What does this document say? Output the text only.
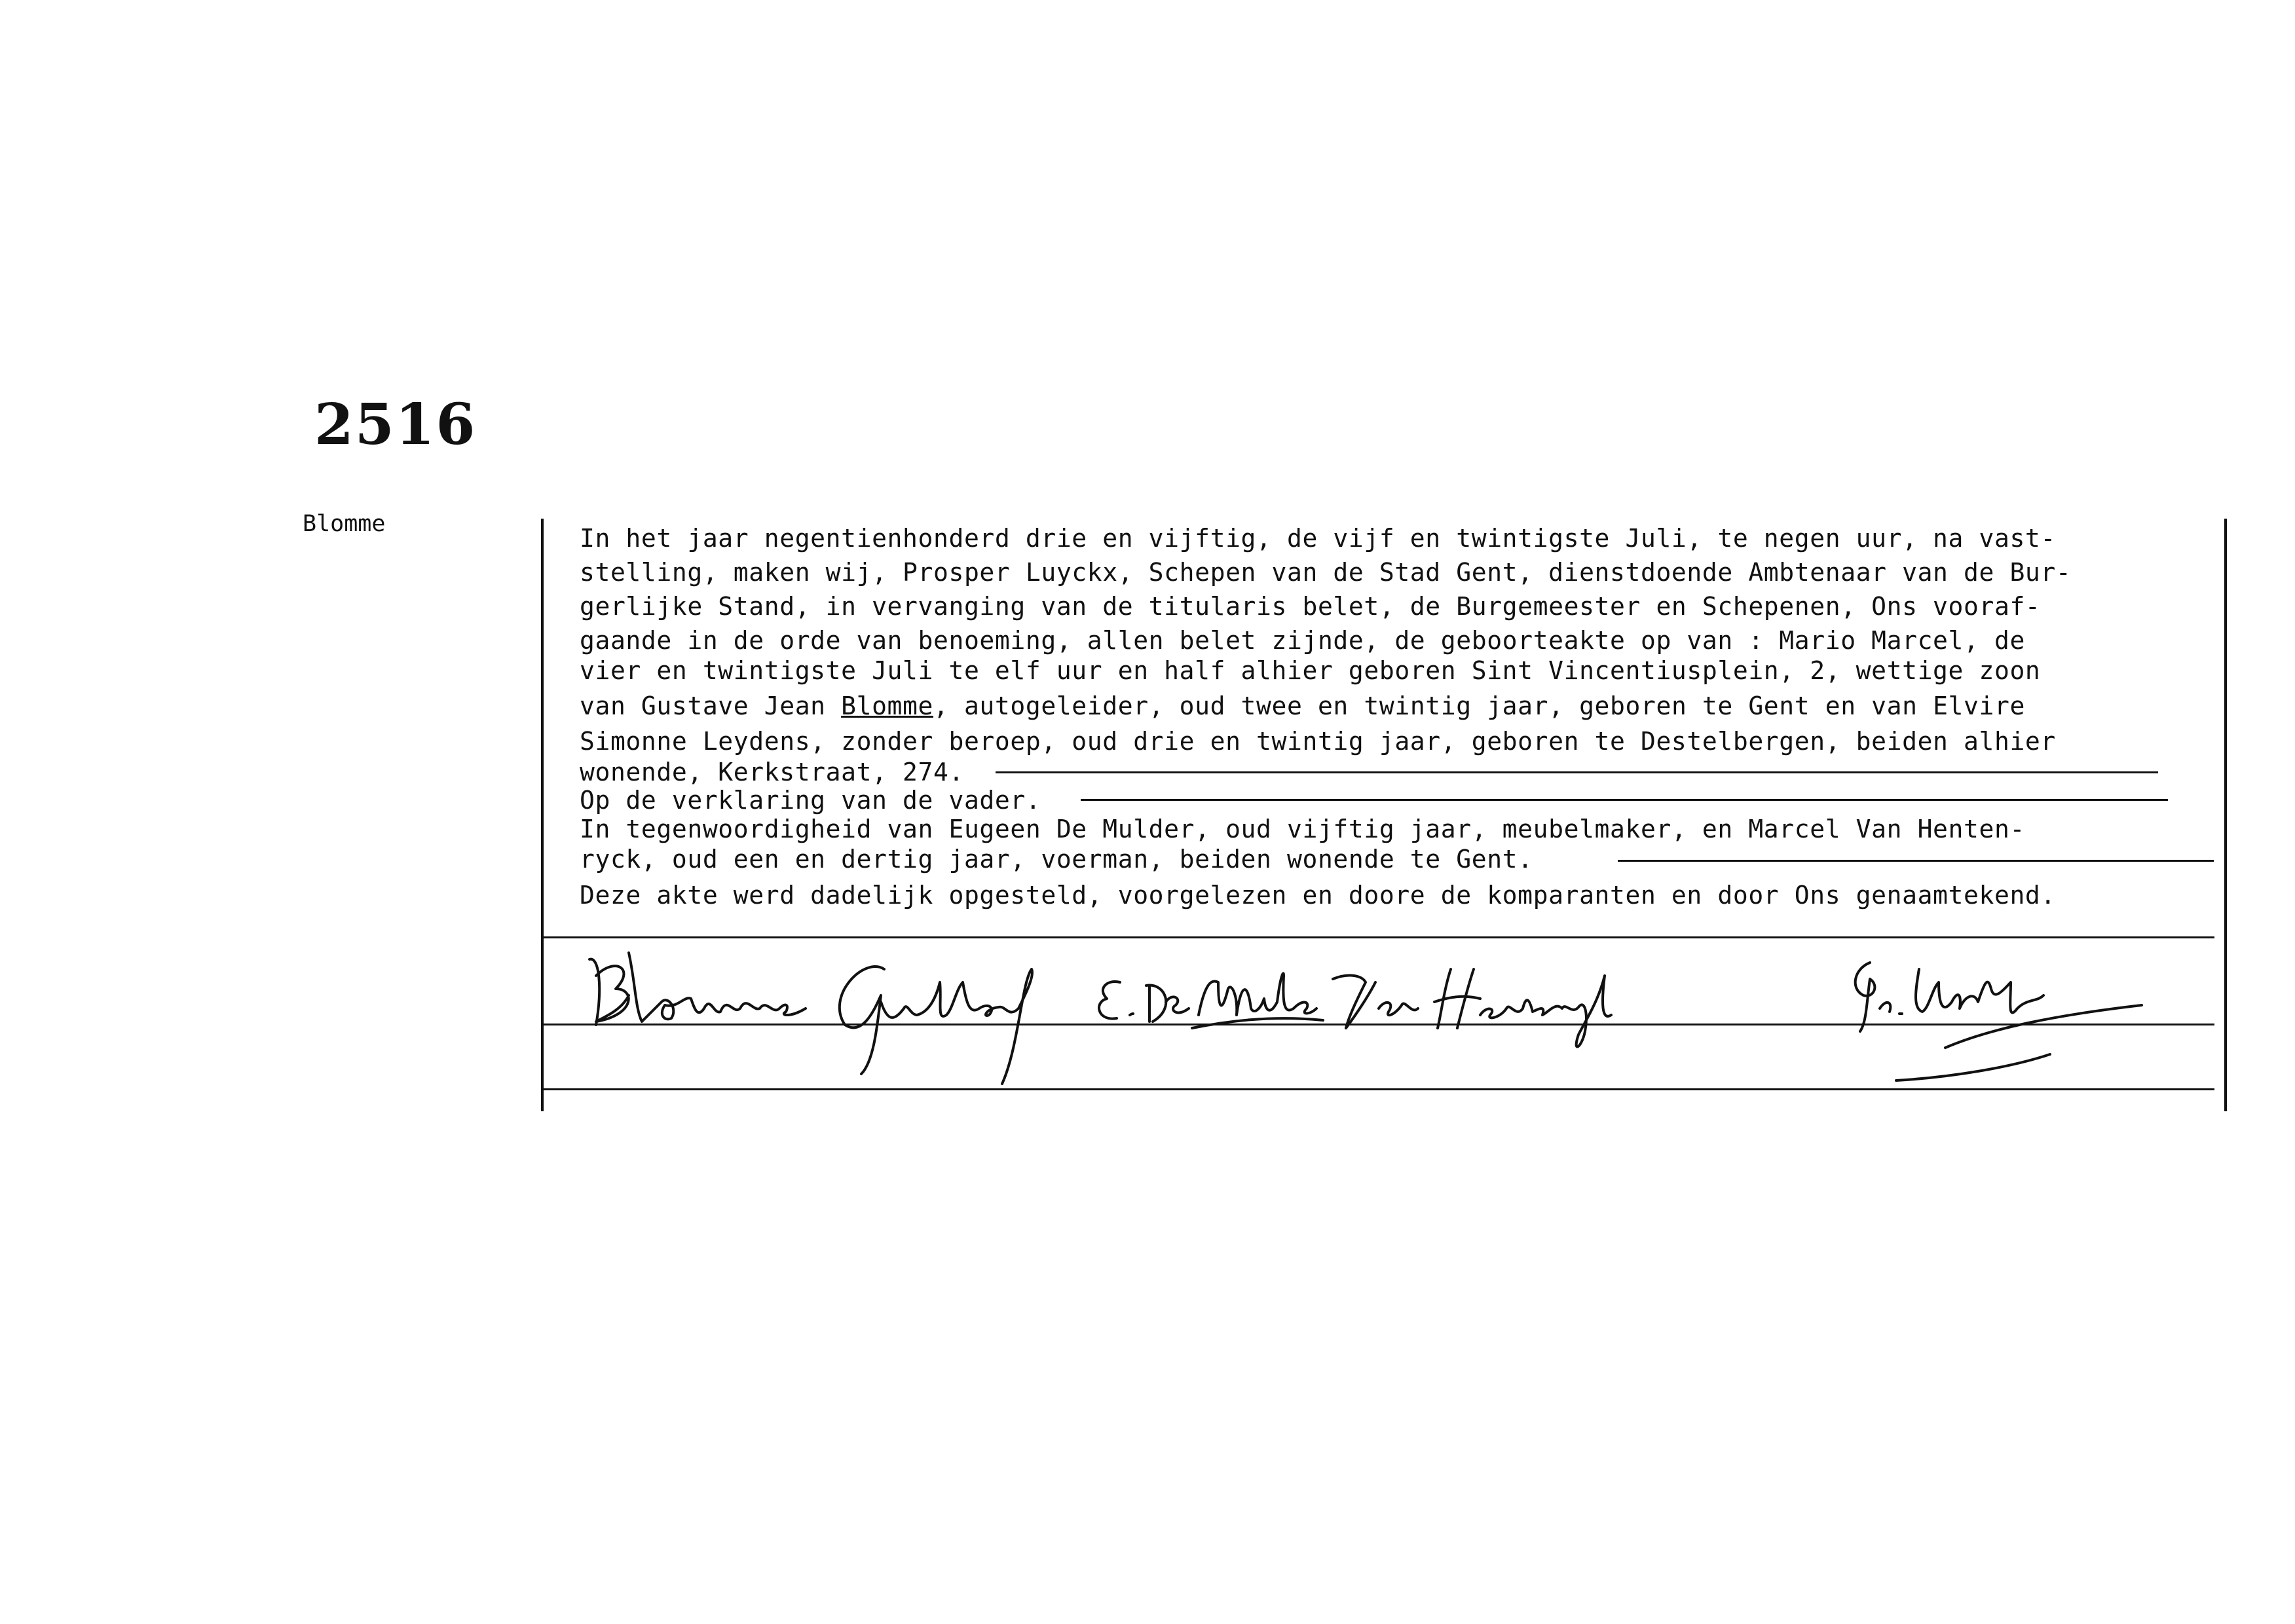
2516
Blomme	In het jaar negentienhonderd drie en vijftig, de vijf en twintigste Juli, te negen uur, na vast-
stelling, maken wij, Prosper Luyckx, Schepen van de Stad Gent, dienstdoende Ambtenaar van de Bur-
gerlijke Stand, in vervanging van de titularis belet, de Burgemeester en Schepenen, Ons vooraf-
gaande in de orde van benoeming, allen belet zijnde, de geboorteakte op van : Mario Marcel, de
vier en twintigste Juli te elf uur en half alhier geboren Sint Vincentiusplein, 2, wettige zoon
van Gustave Jean Blomme, autogeleider, oud twee en twintig jaar, geboren te Gent en van Elvire
Simonne Leydens, zonder beroep, oud drie en twintig jaar, geboren te Destelbergen, beiden alhier
wonende, Kerkstraat, 274.
Op de verklaring van de vader.
In tegenwoordigheid van Eugeen De Mulder, oud vijftig jaar, meubelmaker, en Marcel Van Henten-
ryck, oud een en dertig jaar, voerman, beiden wonende te Gent.
Deze akte werd dadelijk opgesteld, voorgelezen en doore de komparanten en door Ons genaamtekend.
